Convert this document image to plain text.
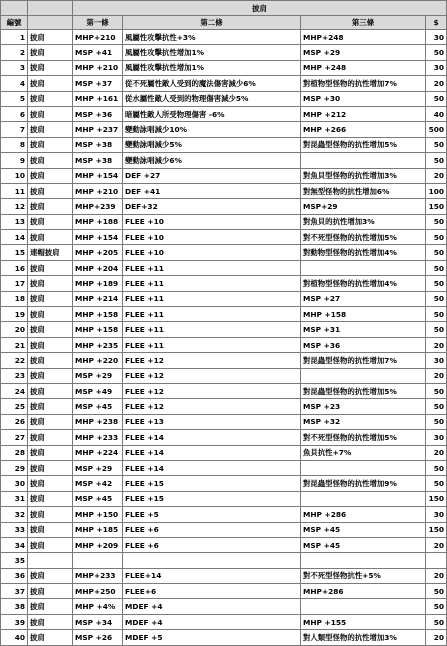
		披肩			
編號		第一條	第二條	第三條	$
1	披肩	MHP+210	風屬性攻擊抗性+3%	MHP+248	30
2	披肩	MSP +41	風屬性攻擊抗性增加1%	MSP +29	50
3	披肩	MHP +210	風屬性攻擊抗性增加1%	MHP +248	30
4	披肩	MSP +37	從不死屬性敵人受到的魔法傷害減少6%	對植物型怪物的抗性增加7%	20
5	披肩	MHP +161	從水屬性敵人受到的物理傷害減少5%	MSP +30	50
6	披肩	MSP +36	暗屬性敵人所受物理傷害 -6%	MHP +212	40
7	披肩	MHP +237	變動詠唱減少10%	MHP +266	500
8	披肩	MSP +38	變動詠唱減少5%	對昆蟲型怪物的抗性增加5%	50
9	披肩	MSP +38	變動詠唱減少6%		50
10	披肩	MHP +154	DEF +27	對魚貝型怪物的抗性增加3%	20
11	披肩	MHP +210	DEF +41	對無型怪物的抗性增加6%	100
12	披肩	MHP+239	DEF+32	MSP+29	150
13	披肩	MHP +188	FLEE +10	對魚貝的抗性增加3%	50
14	披肩	MHP +154	FLEE +10	對不死型怪物的抗性增加5%	50
15	連帽披肩	MHP +205	FLEE +10	對動物型怪物的抗性增加4%	50
16	披肩	MHP +204	FLEE +11		50
17	披肩	MHP +189	FLEE +11	對植物型怪物的抗性增加4%	50
18	披肩	MHP +214	FLEE +11	MSP +27	50
19	披肩	MHP +158	FLEE +11	MHP +158	50
20	披肩	MHP +158	FLEE +11	MSP +31	50
21	披肩	MHP +235	FLEE +11	MSP +36	20
22	披肩	MHP +220	FLEE +12	對昆蟲型怪物的抗性增加7%	30
23	披肩	MSP +29	FLEE +12		20
24	披肩	MSP +49	FLEE +12	對昆蟲型怪物的抗性增加5%	50
25	披肩	MSP +45	FLEE +12	MSP +23	50
26	披肩	MHP +238	FLEE +13	MSP +32	50
27	披肩	MHP +233	FLEE +14	對不死型怪物的抗性增加5%	30
28	披肩	MHP +224	FLEE +14	魚貝抗性+7%	20
29	披肩	MSP +29	FLEE +14		50
30	披肩	MSP +42	FLEE +15	對昆蟲型怪物的抗性增加9%	50
31	披肩	MSP +45	FLEE +15		150
32	披肩	MHP +150	FLEE +5	MHP +286	30
33	披肩	MHP +185	FLEE +6	MSP +45	150
34	披肩	MHP +209	FLEE +6	MSP +45	20
35					
36	披肩	MHP+233	FLEE+14	對不死型怪物抗性+5%	20
37	披肩	MHP+250	FLEE+6	MHP+286	50
38	披肩	MHP +4%	MDEF +4		50
39	披肩	MSP +34	MDEF +4	MHP +155	50
40	披肩	MSP +26	MDEF +5	對人類型怪物的抗性增加3%	20
